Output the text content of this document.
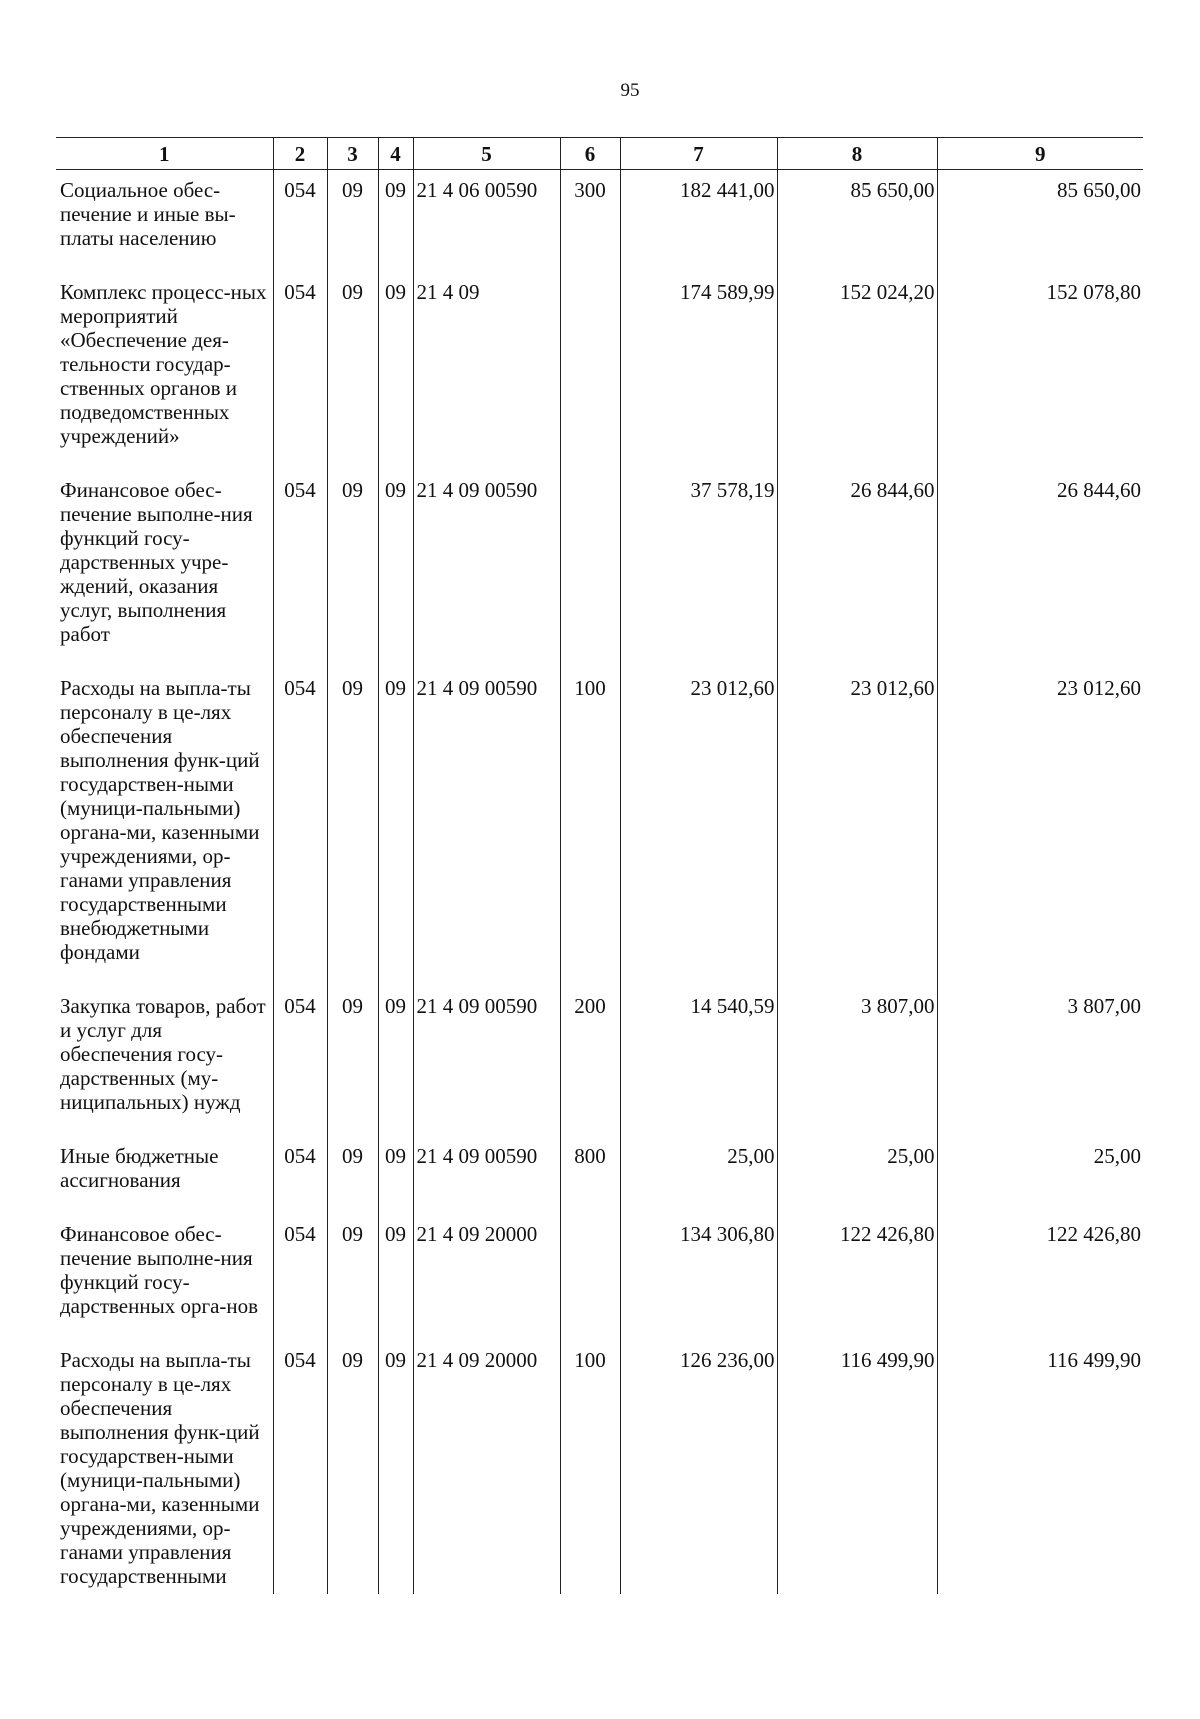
95
1	2	3	4	5	6	7	8	9
Социальное обес-печение и иные вы-платы населению	054	09	09	21 4 06 00590	300	182 441,00	85 650,00	85 650,00
Комплекс процесс-ных мероприятий «Обеспечение дея-тельности государ-ственных органов и подведомственных учреждений»	054	09	09	21 4 09		174 589,99	152 024,20	152 078,80
Финансовое обес-печение выполне-ния функций госу-дарственных учре-ждений, оказания услуг, выполнения работ	054	09	09	21 4 09 00590		37 578,19	26 844,60	26 844,60
Расходы на выпла-ты персоналу в це-лях обеспечения выполнения функ-ций государствен-ными (муници-пальными) органа-ми, казенными учреждениями, ор-ганами управления государственными внебюджетными фондами	054	09	09	21 4 09 00590	100	23 012,60	23 012,60	23 012,60
Закупка товаров, работ и услуг для обеспечения госу-дарственных (му-ниципальных) нужд	054	09	09	21 4 09 00590	200	14 540,59	3 807,00	3 807,00
Иные бюджетные ассигнования	054	09	09	21 4 09 00590	800	25,00	25,00	25,00
Финансовое обес-печение выполне-ния функций госу-дарственных орга-нов	054	09	09	21 4 09 20000		134 306,80	122 426,80	122 426,80
Расходы на выпла-ты персоналу в це-лях обеспечения выполнения функ-ций государствен-ными (муници-пальными) органа-ми, казенными учреждениями, ор-ганами управления государственными	054	09	09	21 4 09 20000	100	126 236,00	116 499,90	116 499,90
